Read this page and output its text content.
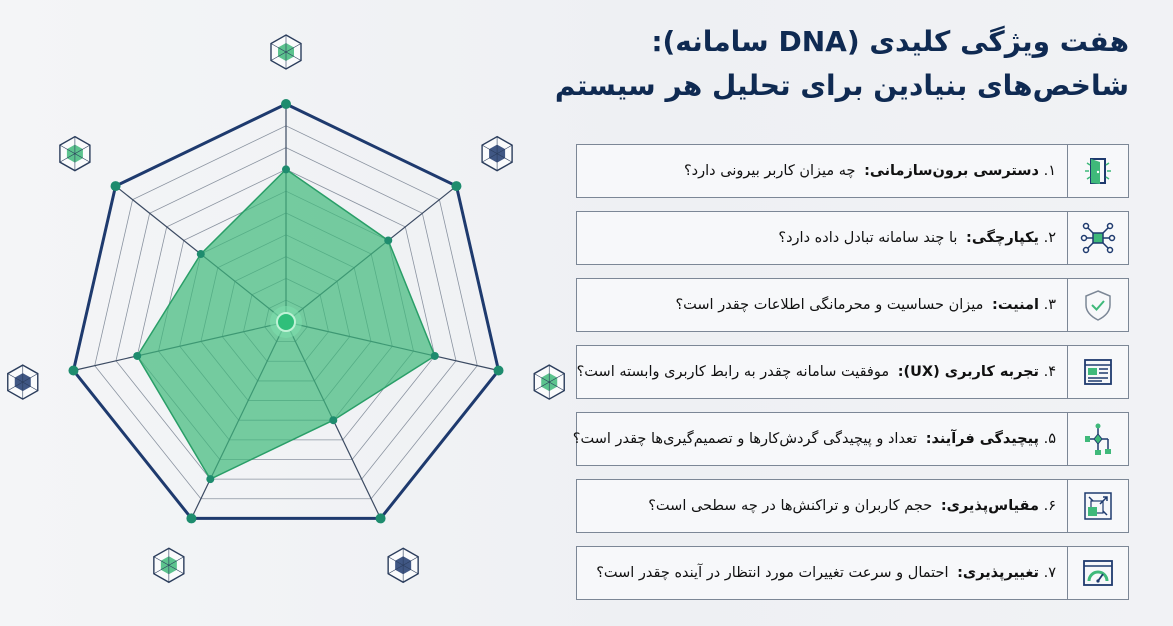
هفت ویژگی کلیدی (DNA سامانه):
شاخص‌های بنیادین برای تحلیل هر سیستم
۱.

دسترسی برون‌سازمانی:

چه میزان کاربر بیرونی دارد؟
۲.

یکپارچگی:

با چند سامانه تبادل داده دارد؟
۳.

امنیت:

میزان حساسیت و محرمانگی اطلاعات چقدر است؟
۴.

تجربه کاربری (UX):

موفقیت سامانه چقدر به رابط کاربری وابسته است؟
۵.

پیچیدگی فرآیند:

تعداد و پیچیدگی گردش‌کارها و تصمیم‌گیری‌ها چقدر است؟
۶.

مقیاس‌پذیری:

حجم کاربران و تراکنش‌ها در چه سطحی است؟
۷.

تغییرپذیری:

احتمال و سرعت تغییرات مورد انتظار در آینده چقدر است؟
